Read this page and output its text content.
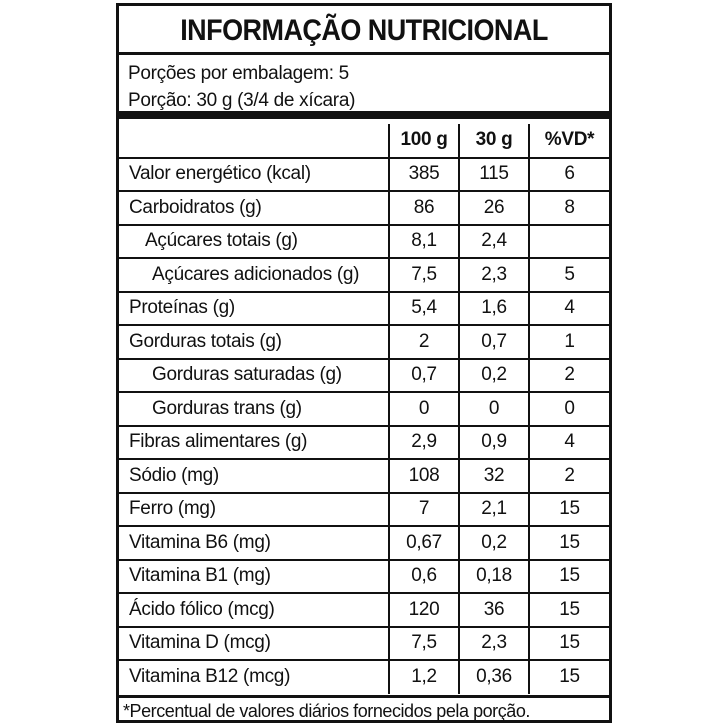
INFORMAÇÃO NUTRICIONAL
Porções por embalagem: 5
Porção: 30 g (3/4 de xícara)
	100 g	30 g	%VD*
Valor energético (kcal)	385	115	6
Carboidratos (g)	86	26	8
Açúcares totais (g)	8,1	2,4	
Açúcares adicionados (g)	7,5	2,3	5
Proteínas (g)	5,4	1,6	4
Gorduras totais (g)	2	0,7	1
Gorduras saturadas (g)	0,7	0,2	2
Gorduras trans (g)	0	0	0
Fibras alimentares (g)	2,9	0,9	4
Sódio (mg)	108	32	2
Ferro (mg)	7	2,1	15
Vitamina B6 (mg)	0,67	0,2	15
Vitamina B1 (mg)	0,6	0,18	15
Ácido fólico (mcg)	120	36	15
Vitamina D (mcg)	7,5	2,3	15
Vitamina B12 (mcg)	1,2	0,36	15
*Percentual de valores diários fornecidos pela porção.
